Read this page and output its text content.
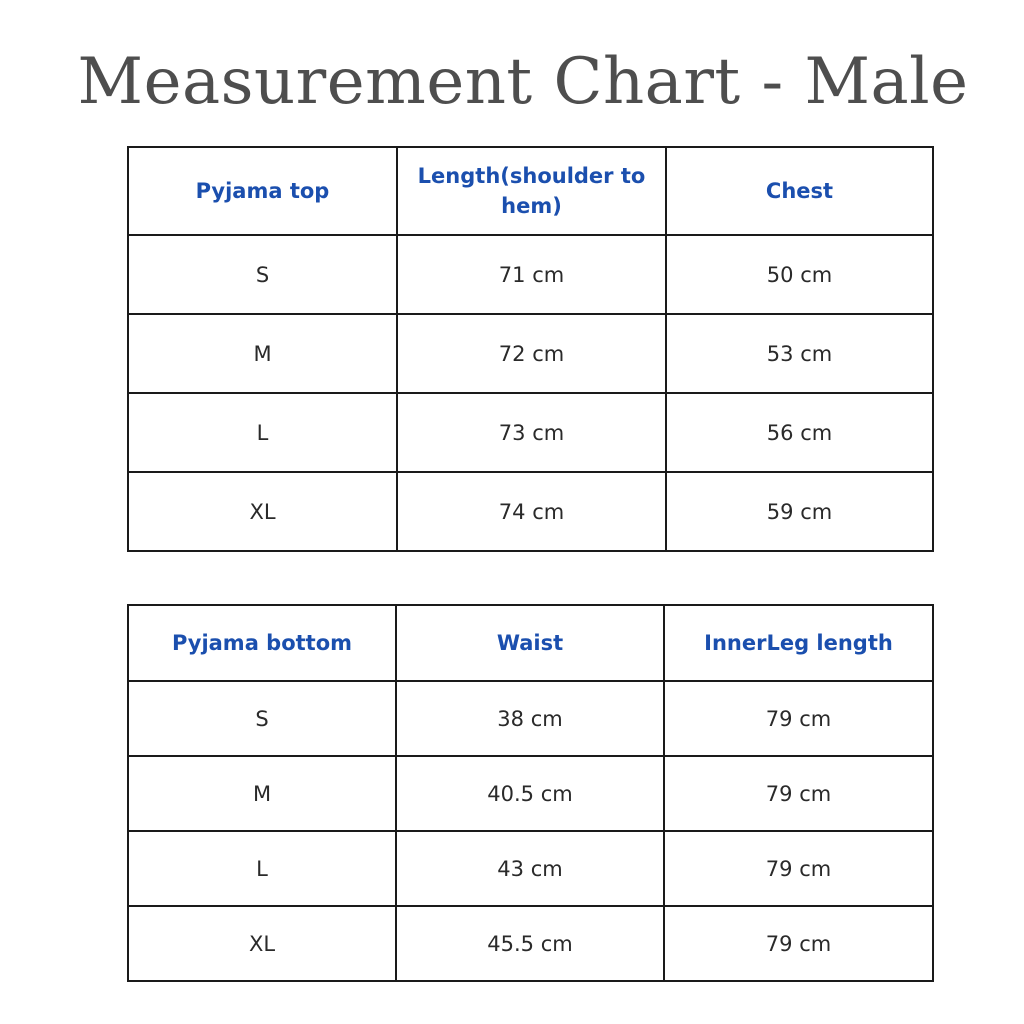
Measurement Chart - Male
Pyjama top	Length(shoulder to hem)	Chest
S	71 cm	50 cm
M	72 cm	53 cm
L	73 cm	56 cm
XL	74 cm	59 cm
Pyjama bottom	Waist	InnerLeg length
S	38 cm	79 cm
M	40.5 cm	79 cm
L	43 cm	79 cm
XL	45.5 cm	79 cm
